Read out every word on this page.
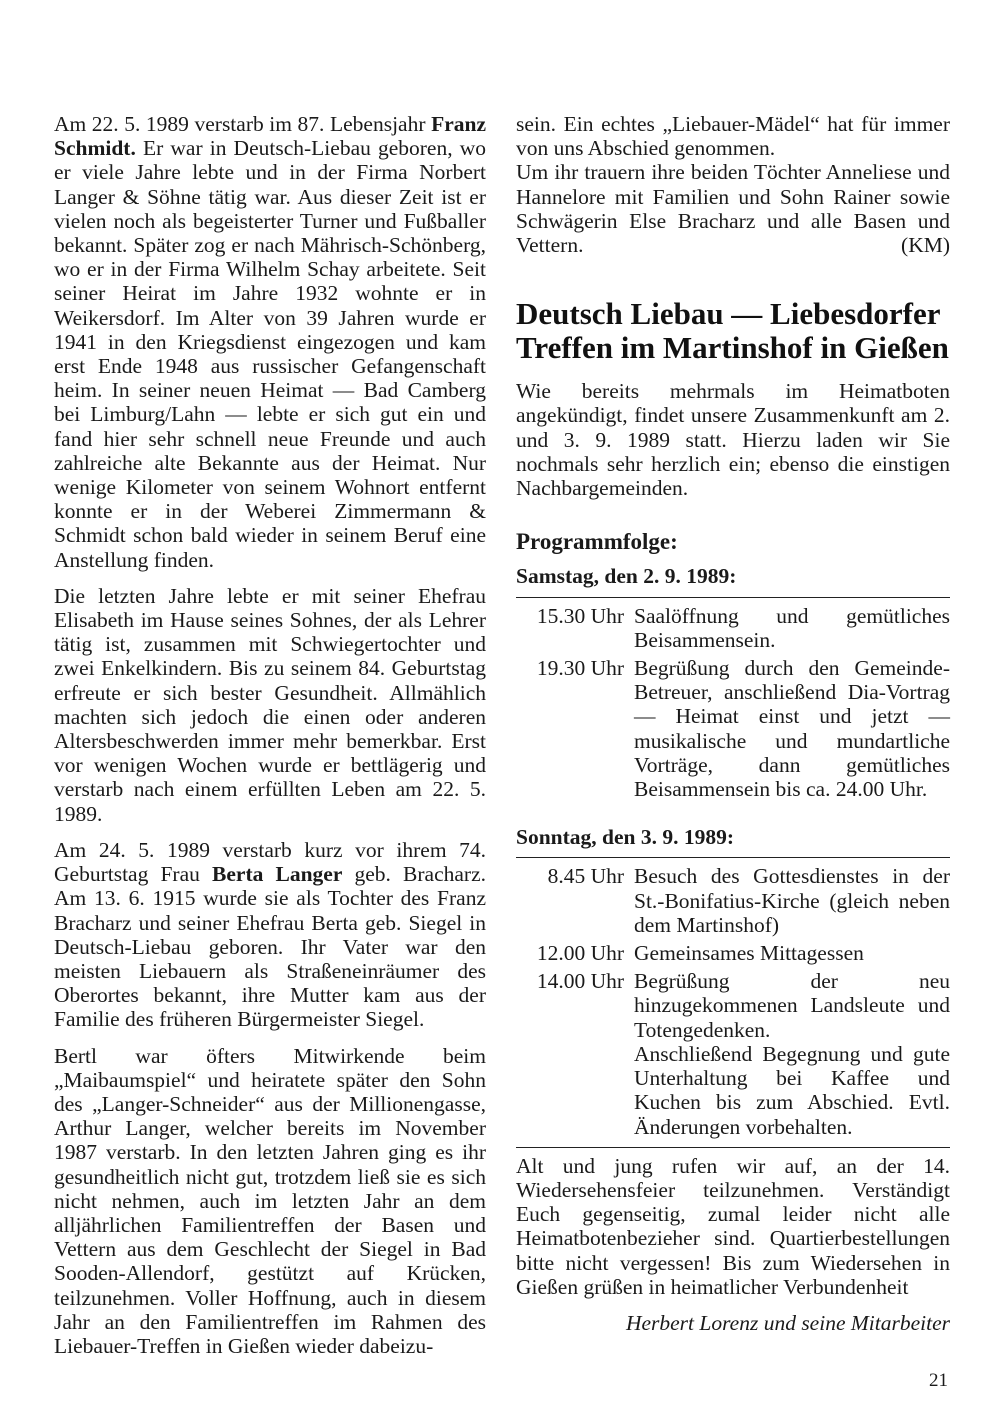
Am 22. 5. 1989 verstarb im 87. Lebensjahr Franz Schmidt. Er war in Deutsch-Liebau geboren, wo er viele Jahre lebte und in der Firma Norbert Langer & Söhne tätig war. Aus dieser Zeit ist er vielen noch als begeisterter Turner und Fußballer bekannt. Später zog er nach Mährisch-Schönberg, wo er in der Firma Wilhelm Schay arbeitete. Seit seiner Heirat im Jahre 1932 wohnte er in Weikersdorf. Im Alter von 39 Jahren wurde er 1941 in den Kriegsdienst eingezogen und kam erst Ende 1948 aus russischer Gefangenschaft heim. In seiner neuen Heimat — Bad Camberg bei Limburg/Lahn — lebte er sich gut ein und fand hier sehr schnell neue Freunde und auch zahlreiche alte Bekannte aus der Heimat. Nur wenige Kilometer von seinem Wohnort entfernt konnte er in der Weberei Zimmermann & Schmidt schon bald wieder in seinem Beruf eine Anstellung finden.

Die letzten Jahre lebte er mit seiner Ehefrau Elisabeth im Hause seines Sohnes, der als Lehrer tätig ist, zusammen mit Schwiegertochter und zwei Enkelkindern. Bis zu seinem 84. Geburtstag erfreute er sich bester Gesundheit. Allmählich machten sich jedoch die einen oder anderen Altersbeschwerden immer mehr bemerkbar. Erst vor wenigen Wochen wurde er bettlägerig und verstarb nach einem erfüllten Leben am 22. 5. 1989.

Am 24. 5. 1989 verstarb kurz vor ihrem 74. Geburtstag Frau Berta Langer geb. Bracharz. Am 13. 6. 1915 wurde sie als Tochter des Franz Bracharz und seiner Ehefrau Berta geb. Siegel in Deutsch-Liebau geboren. Ihr Vater war den meisten Liebauern als Straßeneinräumer des Oberortes bekannt, ihre Mutter kam aus der Familie des früheren Bürgermeister Siegel.

Bertl war öfters Mitwirkende beim „Maibaumspiel“ und heiratete später den Sohn des „Langer-Schneider“ aus der Millionengasse, Arthur Langer, welcher bereits im November 1987 verstarb. In den letzten Jahren ging es ihr gesundheitlich nicht gut, trotzdem ließ sie es sich nicht nehmen, auch im letzten Jahr an dem alljährlichen Familientreffen der Basen und Vettern aus dem Geschlecht der Siegel in Bad Sooden-Allendorf, gestützt auf Krücken, teilzunehmen. Voller Hoffnung, auch in diesem Jahr an den Familientreffen im Rahmen des Liebauer-Treffen in Gießen wieder dabeizu-

sein. Ein echtes „Liebauer-Mädel“ hat für immer von uns Abschied genommen.

Um ihr trauern ihre beiden Töchter Anneliese und Hannelore mit Familien und Sohn Rainer sowie Schwägerin Else Bracharz und alle Basen und Vettern.	(KM)

Deutsch Liebau — Liebesdorfer
Treffen im Martinshof in Gießen

Wie bereits mehrmals im Heimatboten angekündigt, findet unsere Zusammenkunft am 2. und 3. 9. 1989 statt. Hierzu laden wir Sie nochmals sehr herzlich ein; ebenso die einstigen Nachbargemeinden.

Programmfolge:
Samstag, den 2. 9. 1989:
15.30 Uhr Saalöffnung und gemütliches Beisammensein.
19.30 Uhr Begrüßung durch den Gemeinde-Betreuer, anschließend Dia-Vortrag — Heimat einst und jetzt — musikalische und mundartliche Vorträge, dann gemütliches Beisammensein bis ca. 24.00 Uhr.
Sonntag, den 3. 9. 1989:
8.45 Uhr Besuch des Gottesdienstes in der St.-Bonifatius-Kirche (gleich neben dem Martinshof)
12.00 Uhr Gemeinsames Mittagessen
14.00 Uhr Begrüßung der neu hinzugekommenen Landsleute und Totengedenken.
Anschließend Begegnung und gute Unterhaltung bei Kaffee und Kuchen bis zum Abschied. Evtl. Änderungen vorbehalten.

Alt und jung rufen wir auf, an der 14. Wiedersehensfeier teilzunehmen. Verständigt Euch gegenseitig, zumal leider nicht alle Heimatbotenbezieher sind. Quartierbestellungen bitte nicht vergessen! Bis zum Wiedersehen in Gießen grüßen in heimatlicher Verbundenheit

Herbert Lorenz und seine Mitarbeiter

21
